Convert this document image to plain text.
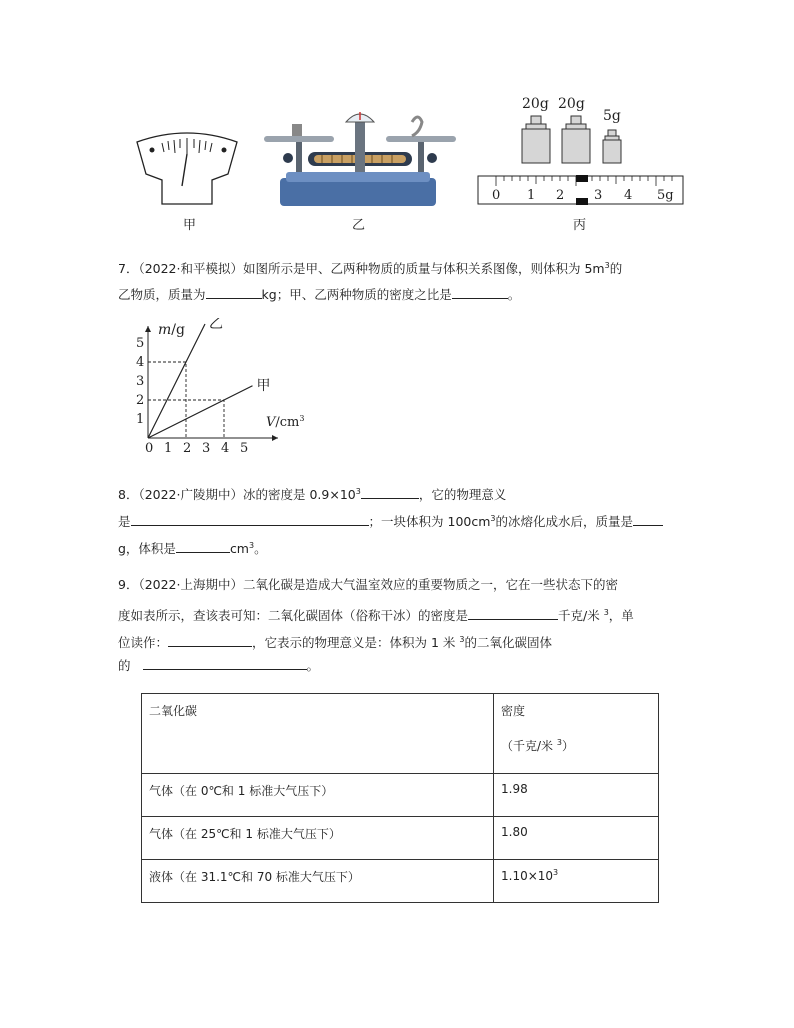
甲	乙
20g 20g
5g
0 1 2 3 4 5g
丙
7．（2022·和平模拟）如图所示是甲、乙两种物质的质量与体积关系图像，则体积为 $5m^3$的
乙物质，质量为	kg；甲、乙两种物质的密度之比是	。
0 1 2 3 4 5
1
2
3
4
5
乙
甲
m/g
$V/cm^3$
8．（2022·广陵期中）冰的密度是 $0.9\times 10^3$	，它的物理意义
是	；一块体积为 $100cm^3$的冰熔化成水后，质量是
g，体积是	$cm^3$。
9．（2022·上海期中）二氧化碳是造成大气温室效应的重要物质之一，它在一些状态下的密
度如表所示，查该表可知：二氧化碳固体（俗称干冰）的密度是	千克/米 $^3$，单
位读作：	，它表示的物理意义是：体积为 1 米 $^3$的二氧化碳固体
的	。
二氧化碳	密度
（千克/米 $^3$）

气体（在 0℃和 1 标准大气压下）	1.98
气体（在 25℃和 1 标准大气压下）	1.80
液体（在 31.1℃和 70 标准大气压下）	$1.10\times 10^3$
